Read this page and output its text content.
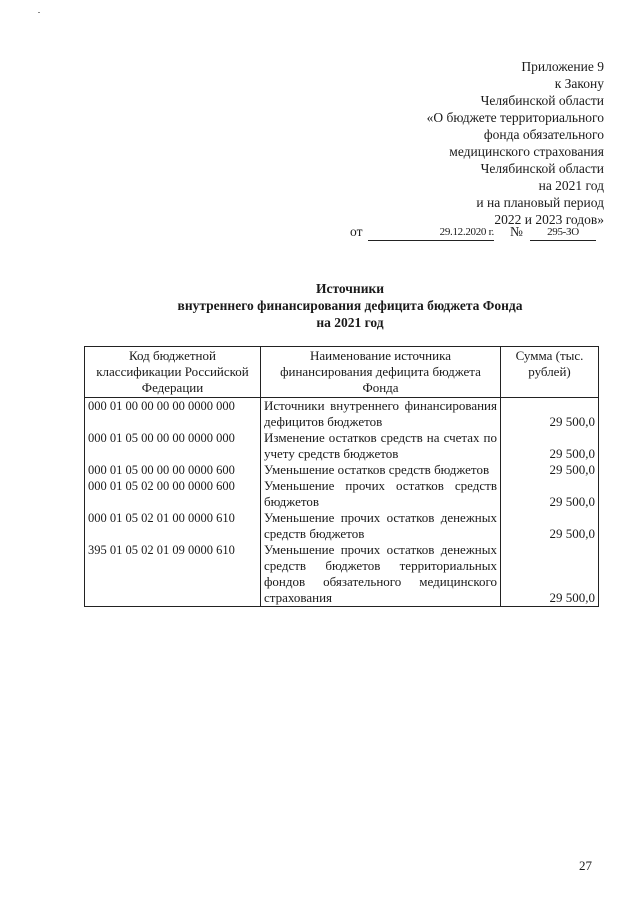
Приложение 9
к Закону
Челябинской области
«О бюджете территориального
фонда обязательного
медицинского страхования
Челябинской области
на 2021 год
и на плановый период
2022 и 2023 годов»
от	29.12.2020 г. №	295-ЗО
Источники
внутреннего финансирования дефицита бюджета Фонда
на 2021 год
Код бюджетной классификации Российской Федерации	Наименование источника финансирования дефицита бюджета Фонда	Сумма (тыс. рублей)
000 01 00 00 00 00 0000 000	Источники внутреннего финансирования дефицитов бюджетов	29 500,0
000 01 05 00 00 00 0000 000	Изменение остатков средств на счетах по учету средств бюджетов	29 500,0
000 01 05 00 00 00 0000 600	Уменьшение остатков средств бюджетов	29 500,0
000 01 05 02 00 00 0000 600	Уменьшение прочих остатков средств бюджетов	29 500,0
000 01 05 02 01 00 0000 610	Уменьшение прочих остатков денежных средств бюджетов	29 500,0
395 01 05 02 01 09 0000 610	Уменьшение прочих остатков денежных средств бюджетов территориальных фондов обязательного медицинского страхования	29 500,0
27
